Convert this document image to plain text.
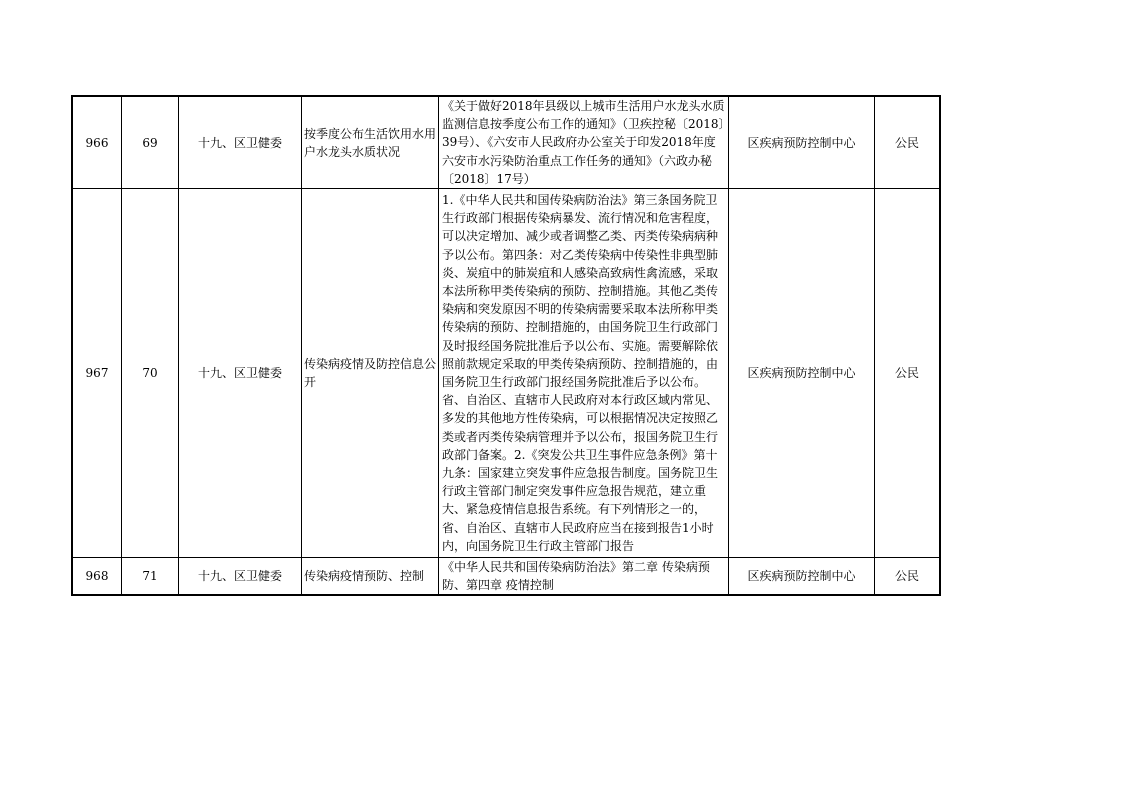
966	69	十九、区卫健委	按季度公布生活饮用水用户水龙头水质状况	《关于做好2018年县级以上城市生活用户水龙头水质监测信息按季度公布工作的通知》（卫疾控秘〔2018〕39号）、《六安市人民政府办公室关于印发2018年度六安市水污染防治重点工作任务的通知》（六政办秘〔2018〕17号）	区疾病预防控制中心	公民
967	70	十九、区卫健委	传染病疫情及防控信息公开	1.《中华人民共和国传染病防治法》第三条国务院卫生行政部门根据传染病暴发、流行情况和危害程度，可以决定增加、减少或者调整乙类、丙类传染病病种予以公布。第四条：对乙类传染病中传染性非典型肺炎、炭疽中的肺炭疽和人感染高致病性禽流感，采取本法所称甲类传染病的预防、控制措施。其他乙类传染病和突发原因不明的传染病需要采取本法所称甲类传染病的预防、控制措施的，由国务院卫生行政部门及时报经国务院批准后予以公布、实施。需要解除依照前款规定采取的甲类传染病预防、控制措施的，由国务院卫生行政部门报经国务院批准后予以公布。省、自治区、直辖市人民政府对本行政区域内常见、多发的其他地方性传染病，可以根据情况决定按照乙类或者丙类传染病管理并予以公布，报国务院卫生行政部门备案。2.《突发公共卫生事件应急条例》第十九条：国家建立突发事件应急报告制度。国务院卫生行政主管部门制定突发事件应急报告规范，建立重大、紧急疫情信息报告系统。有下列情形之一的，省、自治区、直辖市人民政府应当在接到报告1小时内，向国务院卫生行政主管部门报告	区疾病预防控制中心	公民
968	71	十九、区卫健委	传染病疫情预防、控制	《中华人民共和国传染病防治法》第二章 传染病预防、第四章 疫情控制	区疾病预防控制中心	公民
